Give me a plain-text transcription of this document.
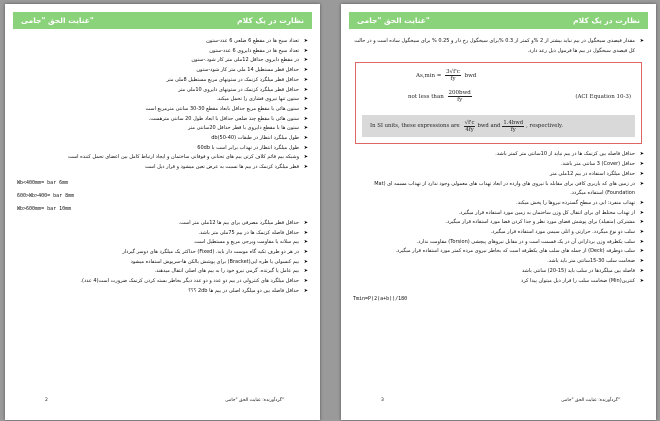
عنایت الحق "جامی"	نظارت در یک کلام
➤ تعداد سیخ ها در مقطع 6 ضلعی 6 عدد-ستون
➤ تعداد سیخ ها در مقطع دایروی 6 عدد-ستون
➤ در مقطع دایروی حداقل 12ملی متر کار شود.-ستون
➤ حداقل قطر مستطیل 14 ملی متر کار شود-ستون
➤ حداقل قطر میلگرد کزنمک در ستونهای مربع مستطیل 8ملی متر
➤ حداقل قطر میلگرد کزنمک در ستونهای دایروی 10ملی متر
➤ ستون تنها نیروی فشاری را تحمل میکند.
➤ ستون هائی با مقطع مربع حداقل بابعاد مقطع 30-30 سانتی مترمربع است
➤ ستون هائی با مقطع چند ضلعی حداقل با ابعاد طول 20 سانتی مترهست.
➤ ستون ها با مقطع دایروی با قطر حداقل 20سانتی متر
➤ طول میلگرد انتظار در طبقات (40-50)db
➤ طول میلگرد انتظار در تهداب برابر است با 60db
➤ وشبکه بیم قائم کلاف کرتن بیم های تحتانی و فوقانی ساختمان و ایجاد ارتباط کامل بین اعضای تحمل کننده است
➤ قطر میلگرد کزنمک در بیم ها نسبت به عرض تعین میشود و قرار ذیل است
Wb<400mm= bar 6mm
600>Wb>400= bar 8mm
Wb>600mm= bar 10mm
➤ حداقل قطر میلگرد مصرفی برای بیم ها 12ملی متر است.
➤ حداقل فاصله کزنمک ها در بیم 75ملی متر باشد.
➤ بیم سلانه یا مقاومت ویرجی مربع و مستطیل است.
➤ در هر دو طرف تکیه گاه موست دار باید. (Fixed) حداکثر یک میلگرد های دوسر گیردار
➤ بیم کنسولی یا طره ایی(Bracket) برای پوشش بالکن ها-سرپوش استفاده میشود
➤ بیم عامل یا گیرنده. گرمی نیرو خود را به بیم های اصلی انتقال میدهند.
➤ حداقل میلگرد های کنترولی در بیم دو عدد و دو عدد دیگر بخاطر بسته کردن کزنمک ضرورت است(4 عدد).
➤ حداقل فاصله بین دو میلگرد اصلی در بیم ها 2db ؟؟؟
2	گردآورنده: عنایت الحق "جامی"
عنایت الحق "جامی"	نظارت در یک کلام
➤ مقدار فیصدی سیخگول در بیم نباید بیشتر از 2 %و کمتر از 0.3 %برای سیخگول رخ دار و 0.25 % برای سیخگول ساده است و در حالت کل فیصدی سیخگول در بیم ها فرمول ذیل رعد دارد.
$As,\min = \frac{3√f'c}{fy}$ bwd
not less than $\frac{\text{200bwd}}{fy}$	(ACI Equation 10-3)
In SI units, these expressions are $\frac{√f'c}{4fy}$ bwd and $\frac{\text{1.4bwd}}{fy}$ , respectively.
➤ حداقل فاصله بین کزنمک ها در بیم نباید از 10سانتی متر کمتر باشد.
➤ حداقل (Cover) 3 سانتی متر باشد.
➤ حداقل میلگرد استفاده در بیم 12ملی متر
➤ در زمین های که باربری کافی برای مقابله با نیروی های وارده در ابعاد تهداب های معمولی وجود ندارد از تهداب مسمه ای (Mat Foundation) استفاده میگردد.
➤ تهداب منفرد: ابی در سطح گسترده نیروها را پخش میکند.
➤ از تهداب مختلط ای برای انتقال کل وزن ساختمان به زمین مورد استفاده قرار میگیرد.
➤ مشترکی (متفیلد) برای پوشش فضای مورد نظر و جدا کردن فضا مورد استفاده قرار میگیرد.
➤ سلب دو نوع میگردد. حرارتی و اتلی سیمی مورد استفاده قرار میگیرد.
➤ سلب یکطرفه وزن بردارانی آن در یک قسمت است و در مقابل نیروهای پیچشی (Torsion) مقاومت ندارد.
➤ سلب دوطرفه (Deck) از جمله های سلب های یکطرفه است که بخاطر نیروی مرده کمتر مورد استفاده قرار میگیرد.
➤ ضخامت سلب 30-15سانتی متر باید باشد.
➤ فاصله بین میلگردها در سلب باید (15-20) سانتی باشد
➤ کنترین(Min) ضخامت سلب را قرار ذیل میتوان پیدا کرد
Tmin=P(2(a+b))/180
3	گردآورنده: عنایت الحق "جامی"
